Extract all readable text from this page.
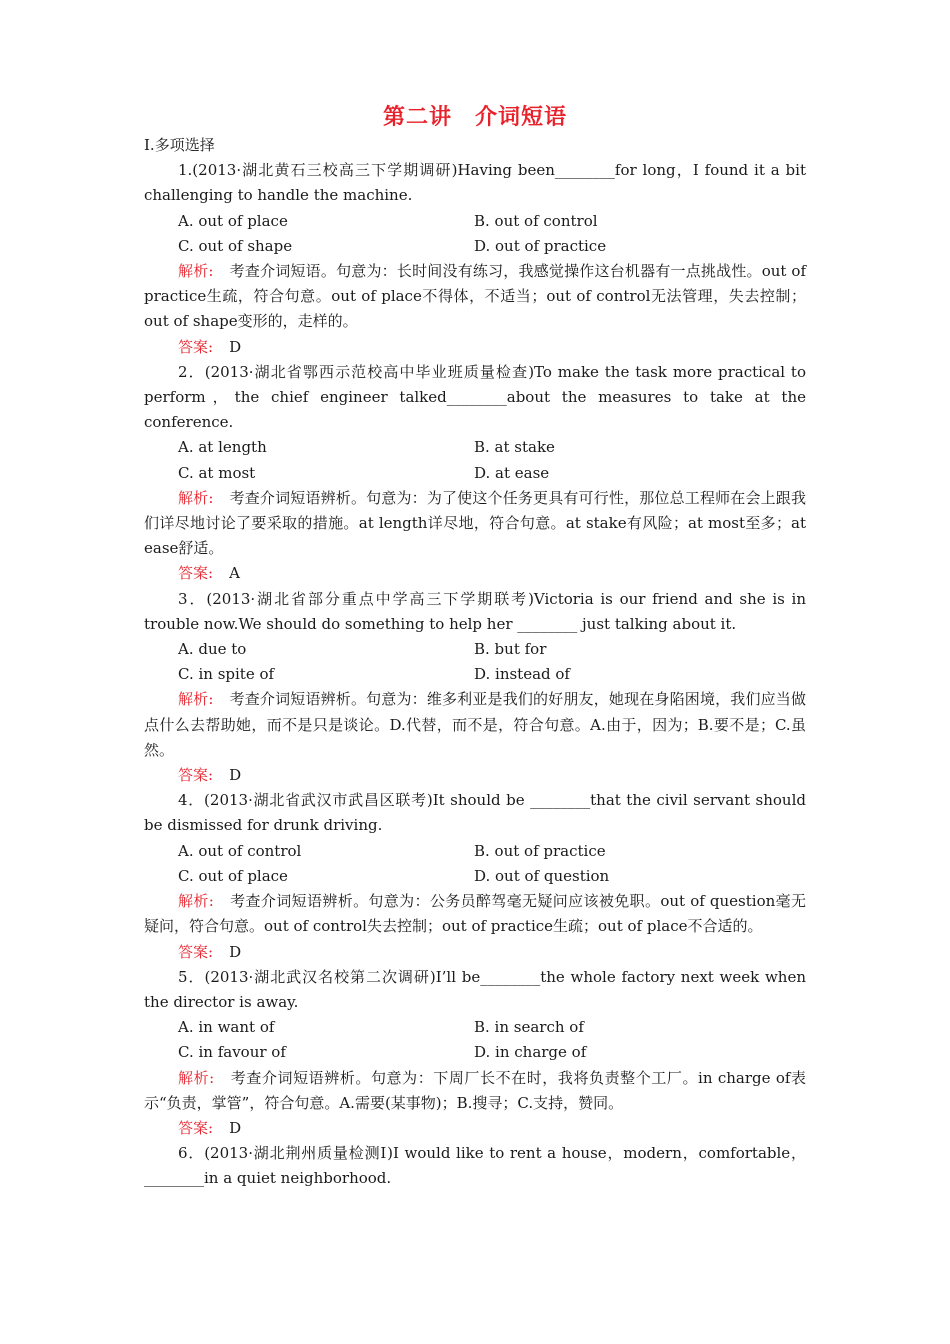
第二讲　介词短语
Ⅰ.多项选择
1.(2013·湖北黄石三校高三下学期调研)Having been________for long，I found it a bit challenging to handle the machine.
A. out of place	B. out of control
C. out of shape	D. out of practice
解析: 考查介词短语。句意为：长时间没有练习，我感觉操作这台机器有一点挑战性。out of practice生疏，符合句意。out of place不得体，不适当；out of control无法管理，失去控制；out of shape变形的，走样的。
答案: D
2．(2013·湖北省鄂西示范校高中毕业班质量检查)To make the task more practical to perform，the chief engineer talked________about the measures to take at the conference.
A. at length	B. at stake
C. at most	D. at ease
解析: 考查介词短语辨析。句意为：为了使这个任务更具有可行性，那位总工程师在会上跟我们详尽地讨论了要采取的措施。at length详尽地，符合句意。at stake有风险；at most至多；at ease舒适。
答案: A
3．(2013·湖北省部分重点中学高三下学期联考)Victoria is our friend and she is in trouble now.We should do something to help her ________ just talking about it.
A. due to	B. but for
C. in spite of	D. instead of
解析: 考查介词短语辨析。句意为：维多利亚是我们的好朋友，她现在身陷困境，我们应当做点什么去帮助她，而不是只是谈论。D.代替，而不是，符合句意。A.由于，因为；B.要不是；C.虽然。
答案: D
4．(2013·湖北省武汉市武昌区联考)It should be ________that the civil servant should be dismissed for drunk driving.
A. out of control	B. out of practice
C. out of place	D. out of question
解析: 考查介词短语辨析。句意为：公务员醉驾毫无疑问应该被免职。out of question毫无疑问，符合句意。out of control失去控制；out of practice生疏；out of place不合适的。
答案: D
5．(2013·湖北武汉名校第二次调研)I’ll be________the whole factory next week when the director is away.
A. in want of	B. in search of
C. in favour of	D. in charge of
解析: 考查介词短语辨析。句意为：下周厂长不在时，我将负责整个工厂。in charge of表示“负责，掌管”，符合句意。A.需要(某事物)；B.搜寻；C.支持，赞同。
答案: D
6．(2013·湖北荆州质量检测Ⅰ)I would like to rent a house，modern，comfortable，________in a quiet neighborhood.
